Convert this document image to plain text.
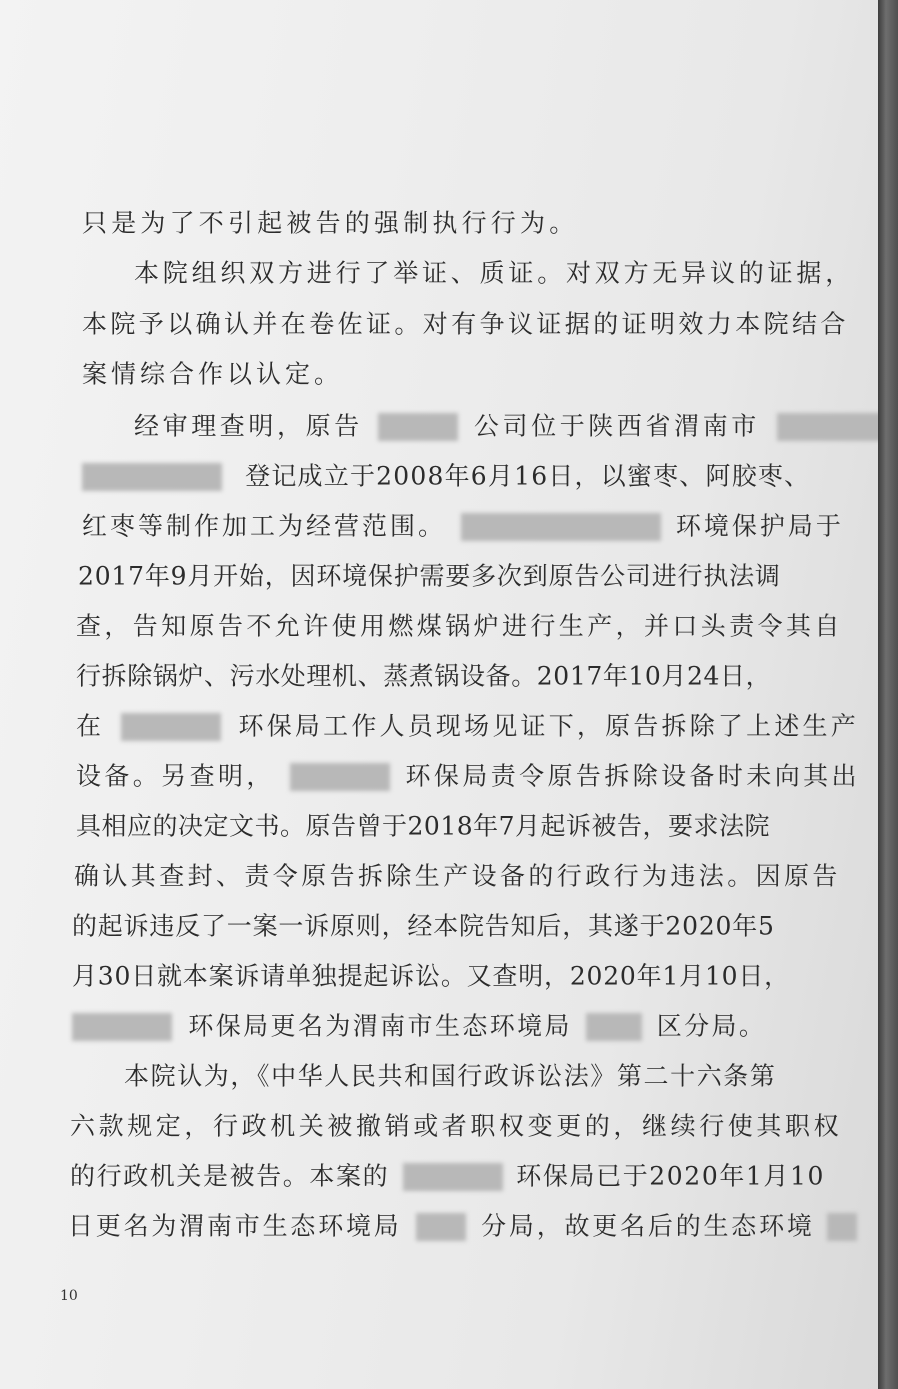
只是为了不引起被告的强制执行行为。
本院组织双方进行了举证、质证。对双方无异议的证据，
本院予以确认并在卷佐证。对有争议证据的证明效力本院结合
案情综合作以认定。
经审理查明，原告	公司位于陕西省渭南市
登记成立于2008年6月16日，以蜜枣、阿胶枣、
红枣等制作加工为经营范围。	环境保护局于
2017年9月开始，因环境保护需要多次到原告公司进行执法调
查，告知原告不允许使用燃煤锅炉进行生产，并口头责令其自
行拆除锅炉、污水处理机、蒸煮锅设备。2017年10月24日，
在	环保局工作人员现场见证下，原告拆除了上述生产
设备。另查明，	环保局责令原告拆除设备时未向其出
具相应的决定文书。原告曾于2018年7月起诉被告，要求法院
确认其查封、责令原告拆除生产设备的行政行为违法。因原告
的起诉违反了一案一诉原则，经本院告知后，其遂于2020年5
月30日就本案诉请单独提起诉讼。又查明，2020年1月10日，
环保局更名为渭南市生态环境局	区分局。
本院认为，《中华人民共和国行政诉讼法》第二十六条第
六款规定，行政机关被撤销或者职权变更的，继续行使其职权
的行政机关是被告。本案的	环保局已于2020年1月10
日更名为渭南市生态环境局	分局，故更名后的生态环境
10
